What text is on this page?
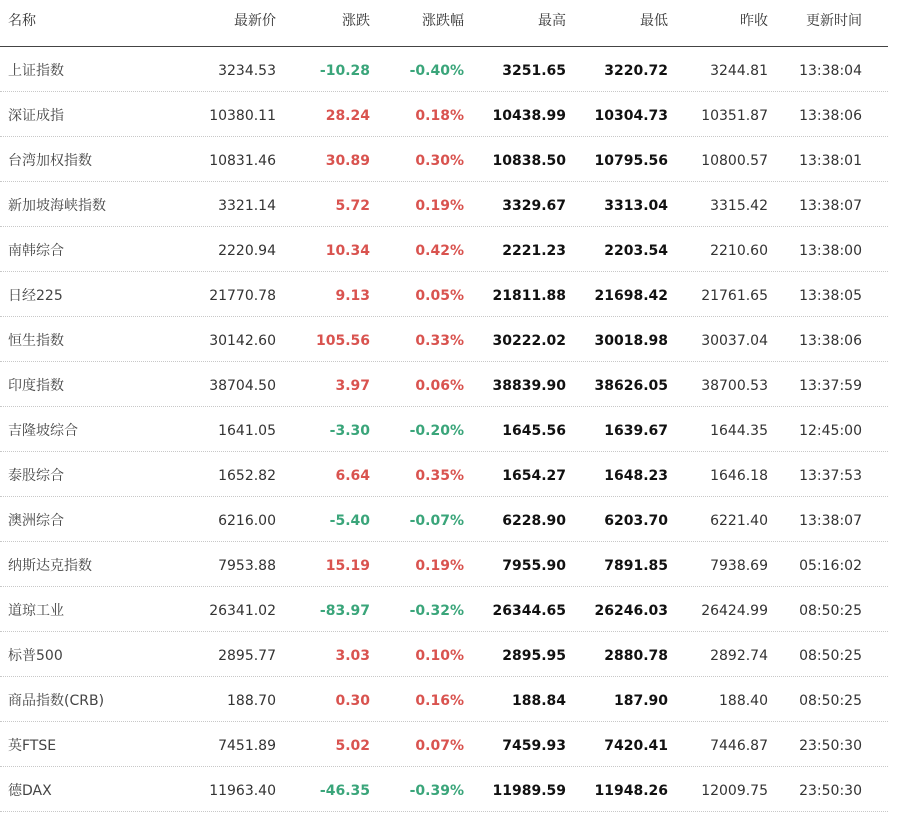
名称	最新价	涨跌	涨跌幅	最高	最低	昨收	更新时间
上证指数	3234.53	-10.28	-0.40%	3251.65	3220.72	3244.81 13:38:04
深证成指	10380.11	28.24	0.18% 10438.99 10304.73 10351.87 13:38:06
台湾加权指数	10831.46	30.89	0.30% 10838.50 10795.56 10800.57 13:38:01
新加坡海峡指数	3321.14	5.72	0.19%	3329.67	3313.04	3315.42 13:38:07
南韩综合	2220.94	10.34	0.42%	2221.23	2203.54	2210.60 13:38:00
日经225	21770.78	9.13	0.05% 21811.88 21698.42 21761.65 13:38:05
恒生指数	30142.60	105.56	0.33% 30222.02 30018.98 30037.04 13:38:06
印度指数	38704.50	3.97	0.06% 38839.90 38626.05 38700.53 13:37:59
吉隆坡综合	1641.05	-3.30	-0.20%	1645.56	1639.67	1644.35 12:45:00
泰股综合	1652.82	6.64	0.35%	1654.27	1648.23	1646.18 13:37:53
澳洲综合	6216.00	-5.40	-0.07%	6228.90	6203.70	6221.40 13:38:07
纳斯达克指数	7953.88	15.19	0.19%	7955.90	7891.85	7938.69 05:16:02
道琼工业	26341.02	-83.97	-0.32% 26344.65 26246.03 26424.99 08:50:25
标普500	2895.77	3.03	0.10%	2895.95	2880.78	2892.74 08:50:25
商品指数(CRB)	188.70	0.30	0.16%	188.84	187.90	188.40 08:50:25
英FTSE	7451.89	5.02	0.07%	7459.93	7420.41	7446.87 23:50:30
德DAX	11963.40	-46.35	-0.39% 11989.59 11948.26 12009.75 23:50:30
